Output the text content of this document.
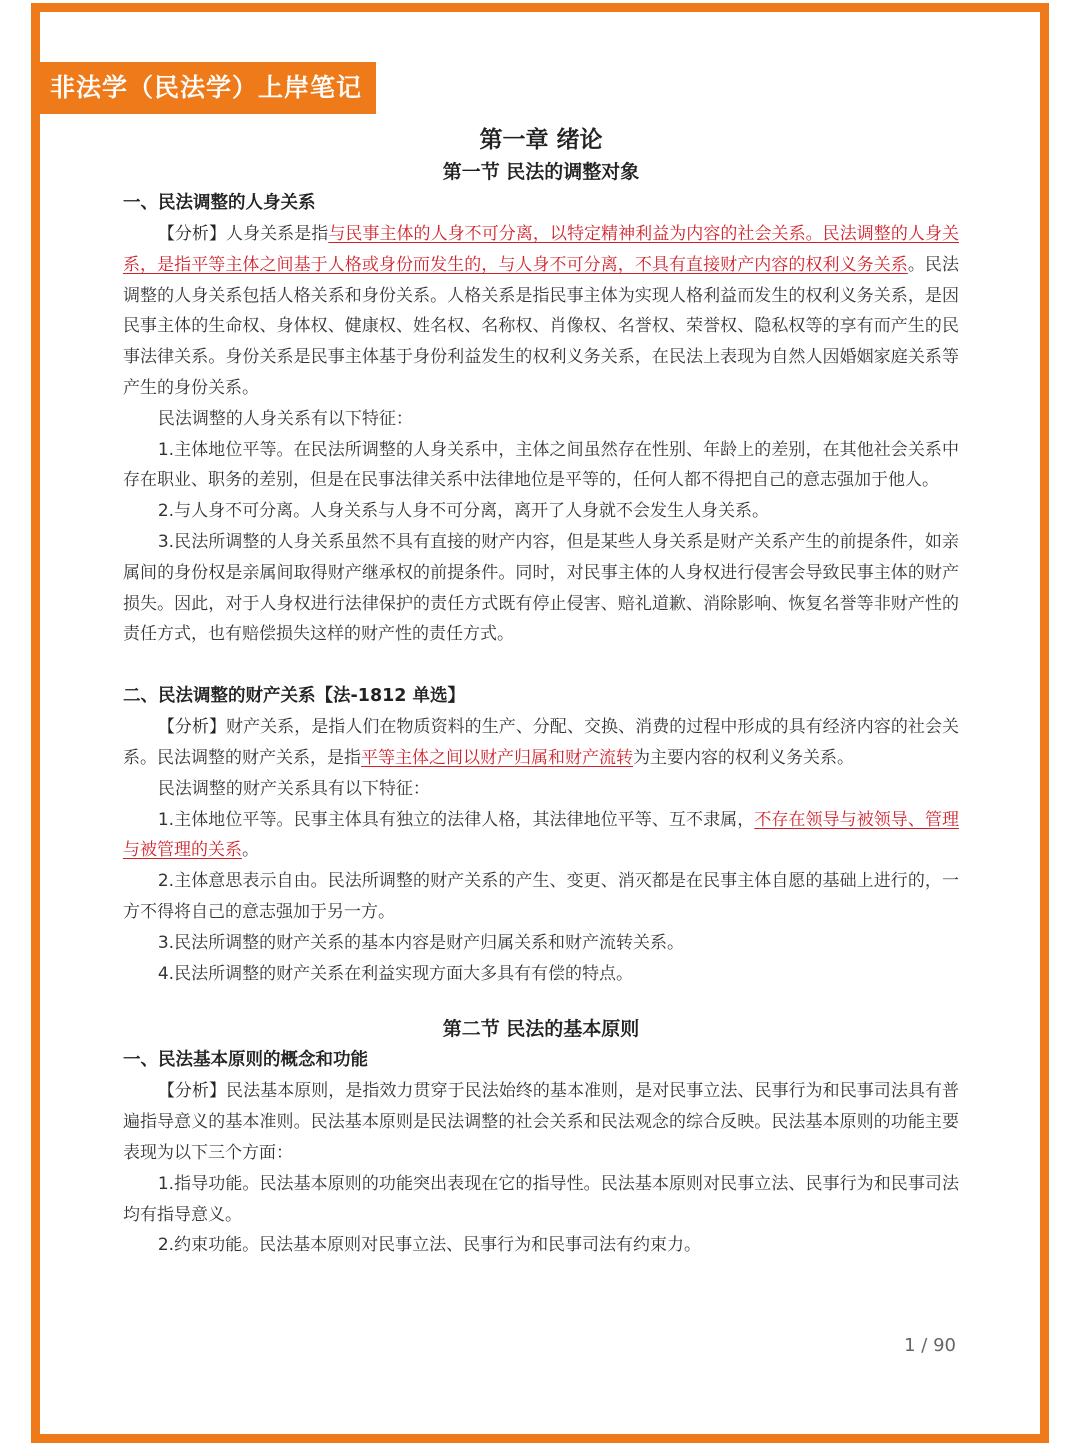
非法学（民法学）上岸笔记
第一章 绪论
第一节 民法的调整对象
一、民法调整的人身关系

【分析】人身关系是指与民事主体的人身不可分离，以特定精神利益为内容的社会关系。民法调整的人身关系，是指平等主体之间基于人格或身份而发生的，与人身不可分离，不具有直接财产内容的权利义务关系。民法调整的人身关系包括人格关系和身份关系。人格关系是指民事主体为实现人格利益而发生的权利义务关系，是因民事主体的生命权、身体权、健康权、姓名权、名称权、肖像权、名誉权、荣誉权、隐私权等的享有而产生的民事法律关系。身份关系是民事主体基于身份利益发生的权利义务关系，在民法上表现为自然人因婚姻家庭关系等产生的身份关系。

民法调整的人身关系有以下特征：

1.主体地位平等。在民法所调整的人身关系中，主体之间虽然存在性别、年龄上的差别，在其他社会关系中存在职业、职务的差别，但是在民事法律关系中法律地位是平等的，任何人都不得把自己的意志强加于他人。

2.与人身不可分离。人身关系与人身不可分离，离开了人身就不会发生人身关系。

3.民法所调整的人身关系虽然不具有直接的财产内容，但是某些人身关系是财产关系产生的前提条件，如亲属间的身份权是亲属间取得财产继承权的前提条件。同时，对民事主体的人身权进行侵害会导致民事主体的财产损失。因此，对于人身权进行法律保护的责任方式既有停止侵害、赔礼道歉、消除影响、恢复名誉等非财产性的责任方式，也有赔偿损失这样的财产性的责任方式。

二、民法调整的财产关系【法-1812 单选】

【分析】财产关系，是指人们在物质资料的生产、分配、交换、消费的过程中形成的具有经济内容的社会关系。民法调整的财产关系，是指平等主体之间以财产归属和财产流转为主要内容的权利义务关系。

民法调整的财产关系具有以下特征：

1.主体地位平等。民事主体具有独立的法律人格，其法律地位平等、互不隶属，不存在领导与被领导、管理与被管理的关系。

2.主体意思表示自由。民法所调整的财产关系的产生、变更、消灭都是在民事主体自愿的基础上进行的，一方不得将自己的意志强加于另一方。

3.民法所调整的财产关系的基本内容是财产归属关系和财产流转关系。

4.民法所调整的财产关系在利益实现方面大多具有有偿的特点。

第二节 民法的基本原则
一、民法基本原则的概念和功能

【分析】民法基本原则，是指效力贯穿于民法始终的基本准则，是对民事立法、民事行为和民事司法具有普遍指导意义的基本准则。民法基本原则是民法调整的社会关系和民法观念的综合反映。民法基本原则的功能主要表现为以下三个方面：

1.指导功能。民法基本原则的功能突出表现在它的指导性。民法基本原则对民事立法、民事行为和民事司法均有指导意义。

2.约束功能。民法基本原则对民事立法、民事行为和民事司法有约束力。

1 / 90
